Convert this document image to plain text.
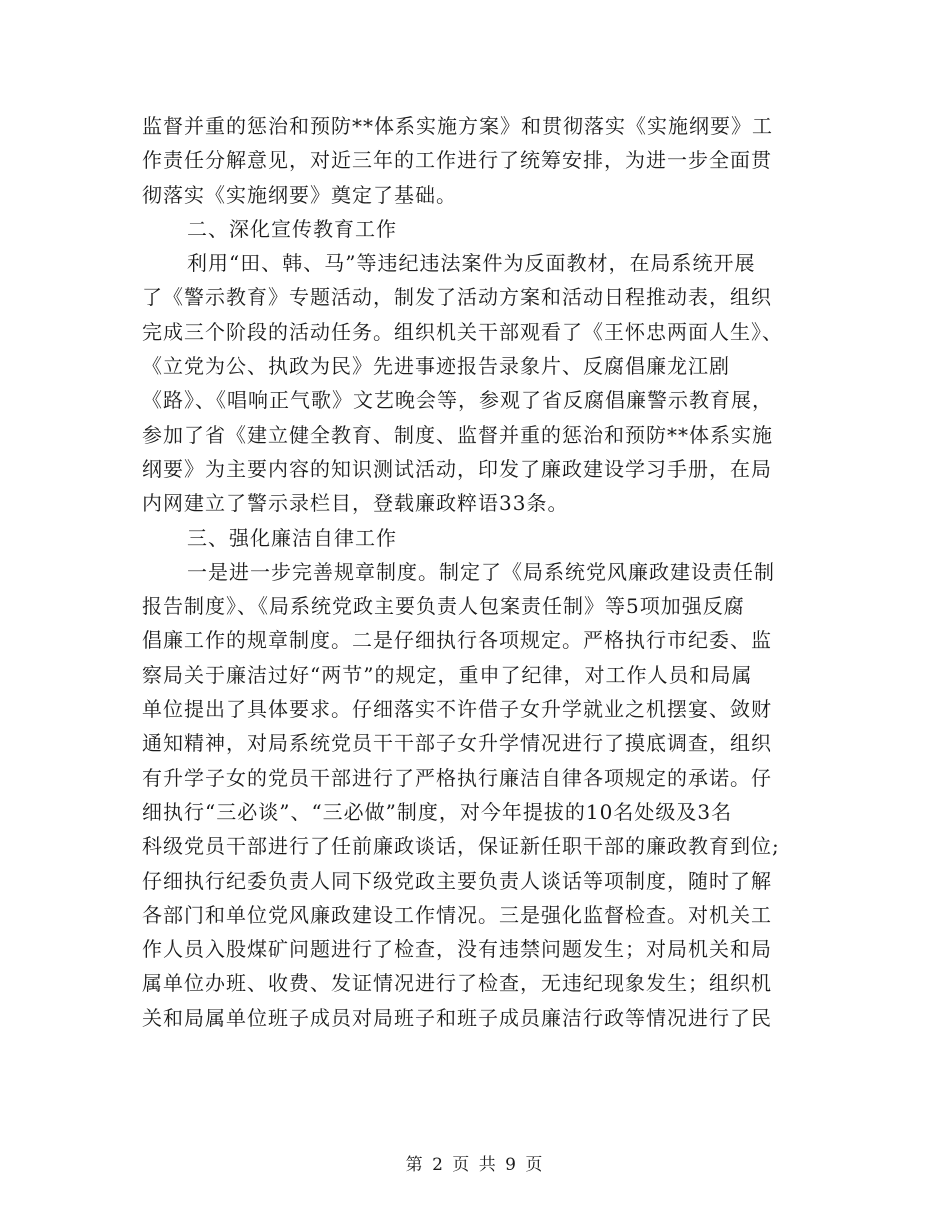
监督并重的惩治和预防**体系实施方案》和贯彻落实《实施纲要》工
作责任分解意见，对近三年的工作进行了统筹安排，为进一步全面贯
彻落实《实施纲要》奠定了基础。
二、深化宣传教育工作
利用“田、韩、马”等违纪违法案件为反面教材，在局系统开展
了《警示教育》专题活动，制发了活动方案和活动日程推动表，组织
完成三个阶段的活动任务。组织机关干部观看了《王怀忠两面人生》、
《立党为公、执政为民》先进事迹报告录象片、反腐倡廉龙江剧
《路》、《唱响正气歌》文艺晚会等，参观了省反腐倡廉警示教育展，
参加了省《建立健全教育、制度、监督并重的惩治和预防**体系实施
纲要》为主要内容的知识测试活动，印发了廉政建设学习手册，在局
内网建立了警示录栏目，登载廉政粹语33条。
三、强化廉洁自律工作
一是进一步完善规章制度。制定了《局系统党风廉政建设责任制
报告制度》、《局系统党政主要负责人包案责任制》等5项加强反腐
倡廉工作的规章制度。二是仔细执行各项规定。严格执行市纪委、监
察局关于廉洁过好“两节”的规定，重申了纪律，对工作人员和局属
单位提出了具体要求。仔细落实不许借子女升学就业之机摆宴、敛财
通知精神，对局系统党员干干部子女升学情况进行了摸底调查，组织
有升学子女的党员干部进行了严格执行廉洁自律各项规定的承诺。仔
细执行“三必谈”、“三必做”制度，对今年提拔的10名处级及3名
科级党员干部进行了任前廉政谈话，保证新任职干部的廉政教育到位;
仔细执行纪委负责人同下级党政主要负责人谈话等项制度，随时了解
各部门和单位党风廉政建设工作情况。三是强化监督检查。对机关工
作人员入股煤矿问题进行了检查，没有违禁问题发生；对局机关和局
属单位办班、收费、发证情况进行了检查，无违纪现象发生；组织机
关和局属单位班子成员对局班子和班子成员廉洁行政等情况进行了民
第 2 页 共 9 页
